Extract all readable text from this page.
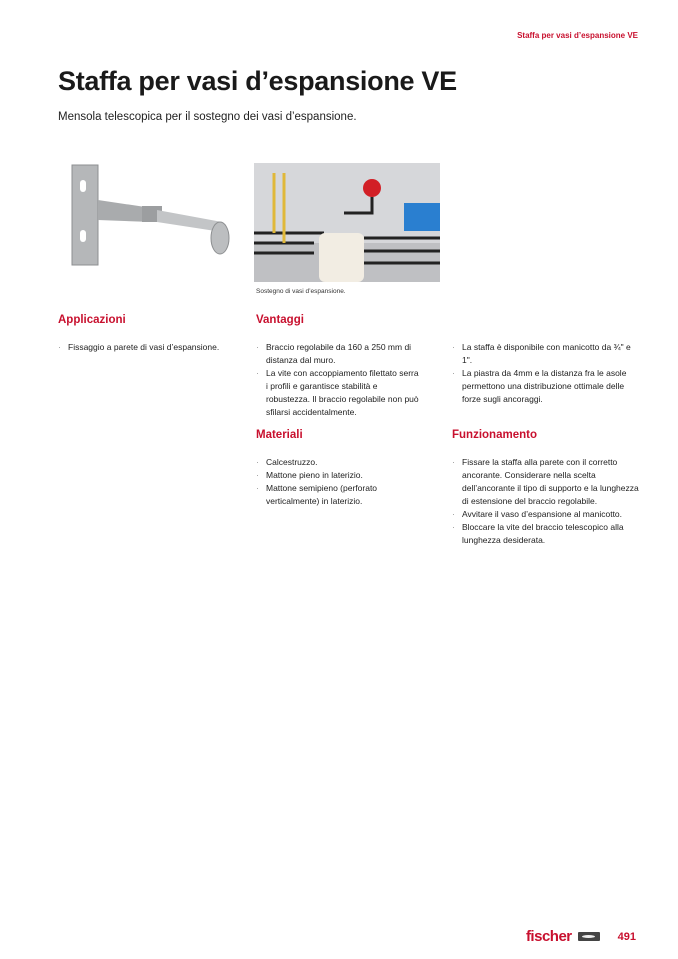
Staffa per vasi d’espansione VE
Staffa per vasi d’espansione VE
Mensola telescopica per il sostegno dei vasi d’espansione.
Sostegno di vasi d’espansione.
Applicazioni
· Fissaggio a parete di vasi d’espansione.
Vantaggi
· Braccio regolabile da 160 a 250 mm di distanza dal muro.
· La vite con accoppiamento filettato serra i profili e garantisce stabilità e robustezza. Il braccio regolabile non può sfilarsi accidentalmente.
· La staffa è disponibile con manicotto da ¾" e 1".
· La piastra da 4mm e la distanza fra le asole permettono una distribuzione ottimale delle forze sugli ancoraggi.
Materiali
· Calcestruzzo.
· Mattone pieno in laterizio.
· Mattone semipieno (perforato verticalmente) in laterizio.
Funzionamento
· Fissare la staffa alla parete con il corretto ancorante. Considerare nella scelta dell’ancorante il tipo di supporto e la lunghezza di estensione del braccio regolabile.
· Avvitare il vaso d’espansione al manicotto.
· Bloccare la vite del braccio telescopico alla lunghezza desiderata.
fischer	491
